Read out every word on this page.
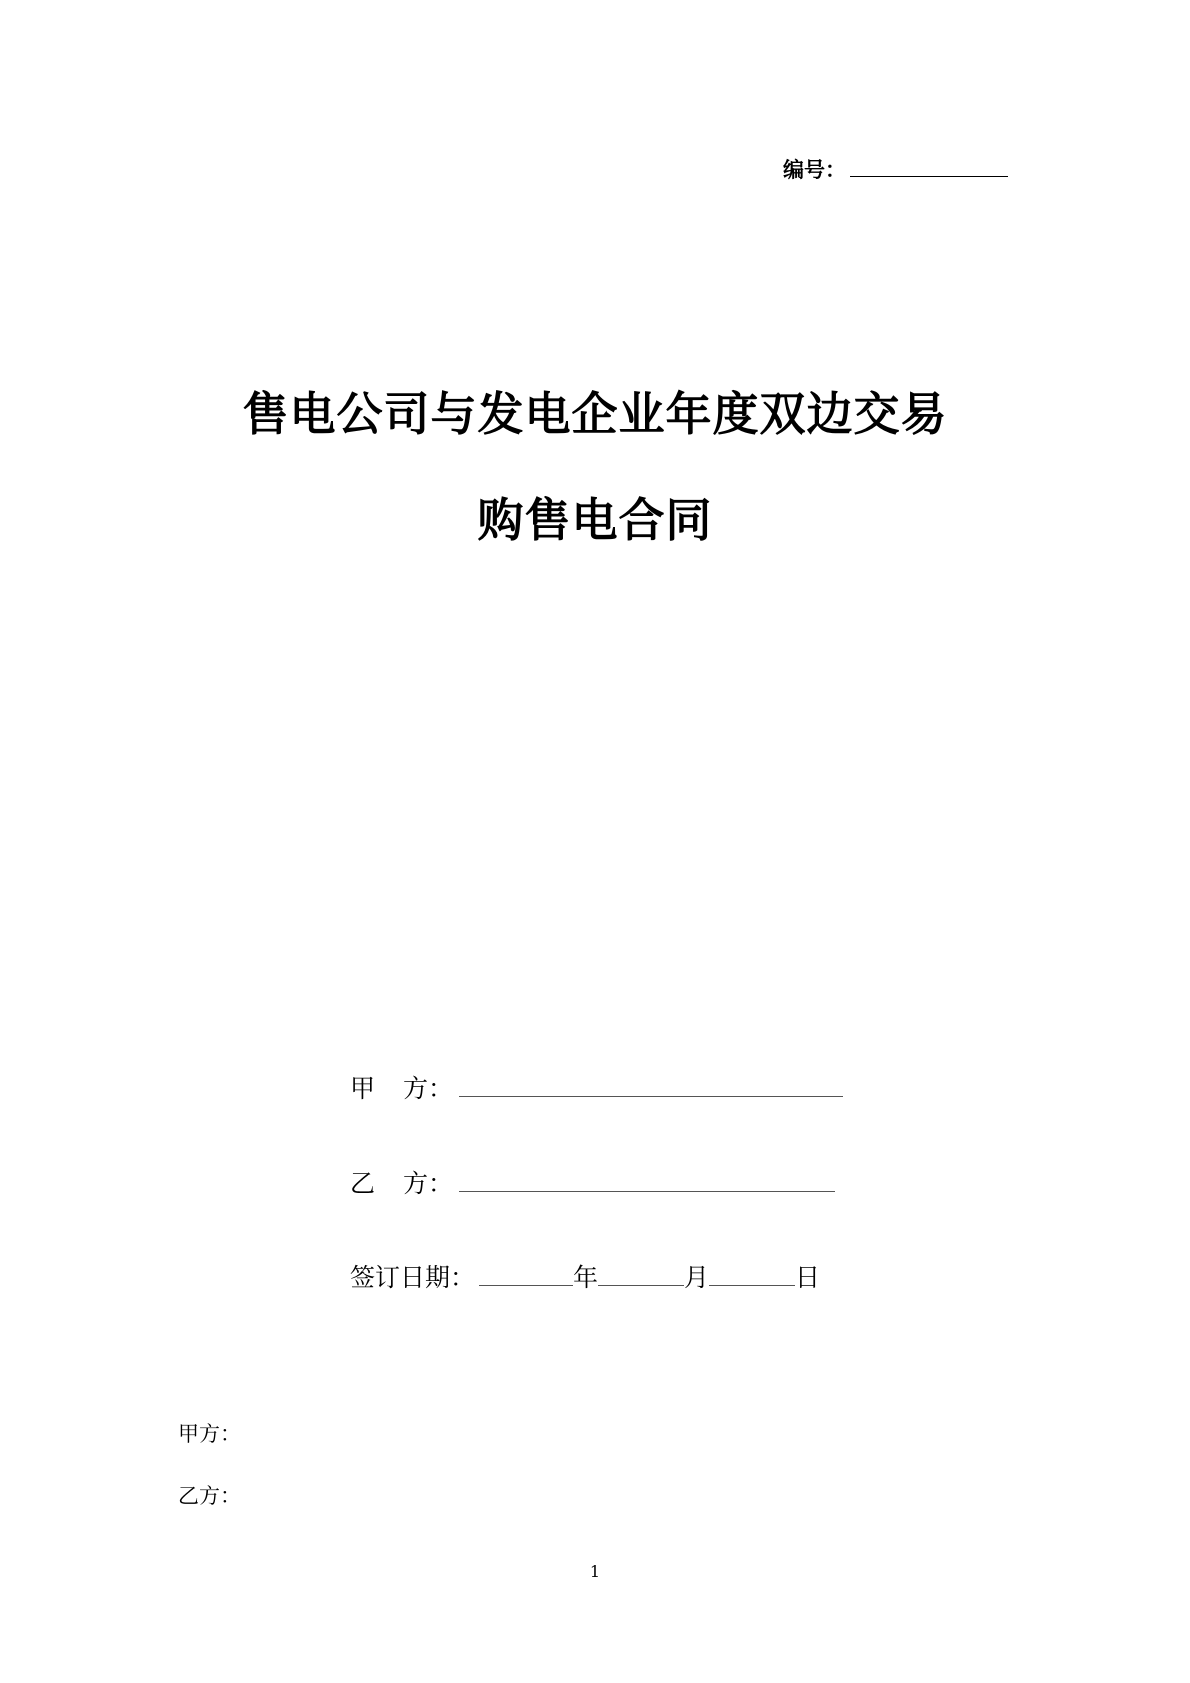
编号：
售电公司与发电企业年度双边交易
购售电合同
甲 方：
乙 方：
签订日期：	年	月	日
甲方：
乙方：
1
